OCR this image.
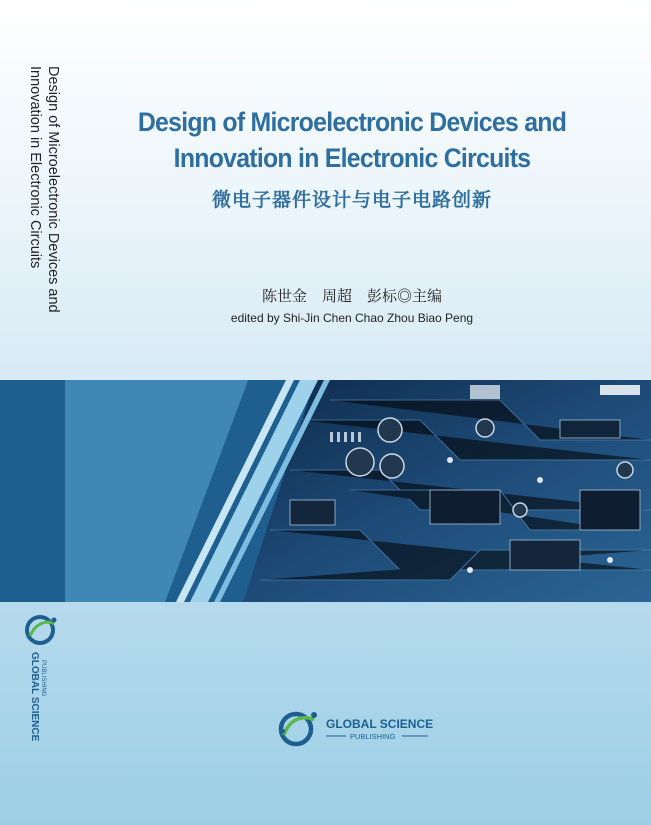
Design of Microelectronic Devices and
Innovation in Electronic Circuits	Design of Microelectronic Devices and
Innovation in Electronic Circuits
微电子器件设计与电子电路创新
陈世金　周超　彭标◎主编
edited by Shi-Jin Chen Chao Zhou Biao Peng
GLOBAL SCIENCE PUBLISHING
GLOBAL SCIENCE
PUBLISHING
